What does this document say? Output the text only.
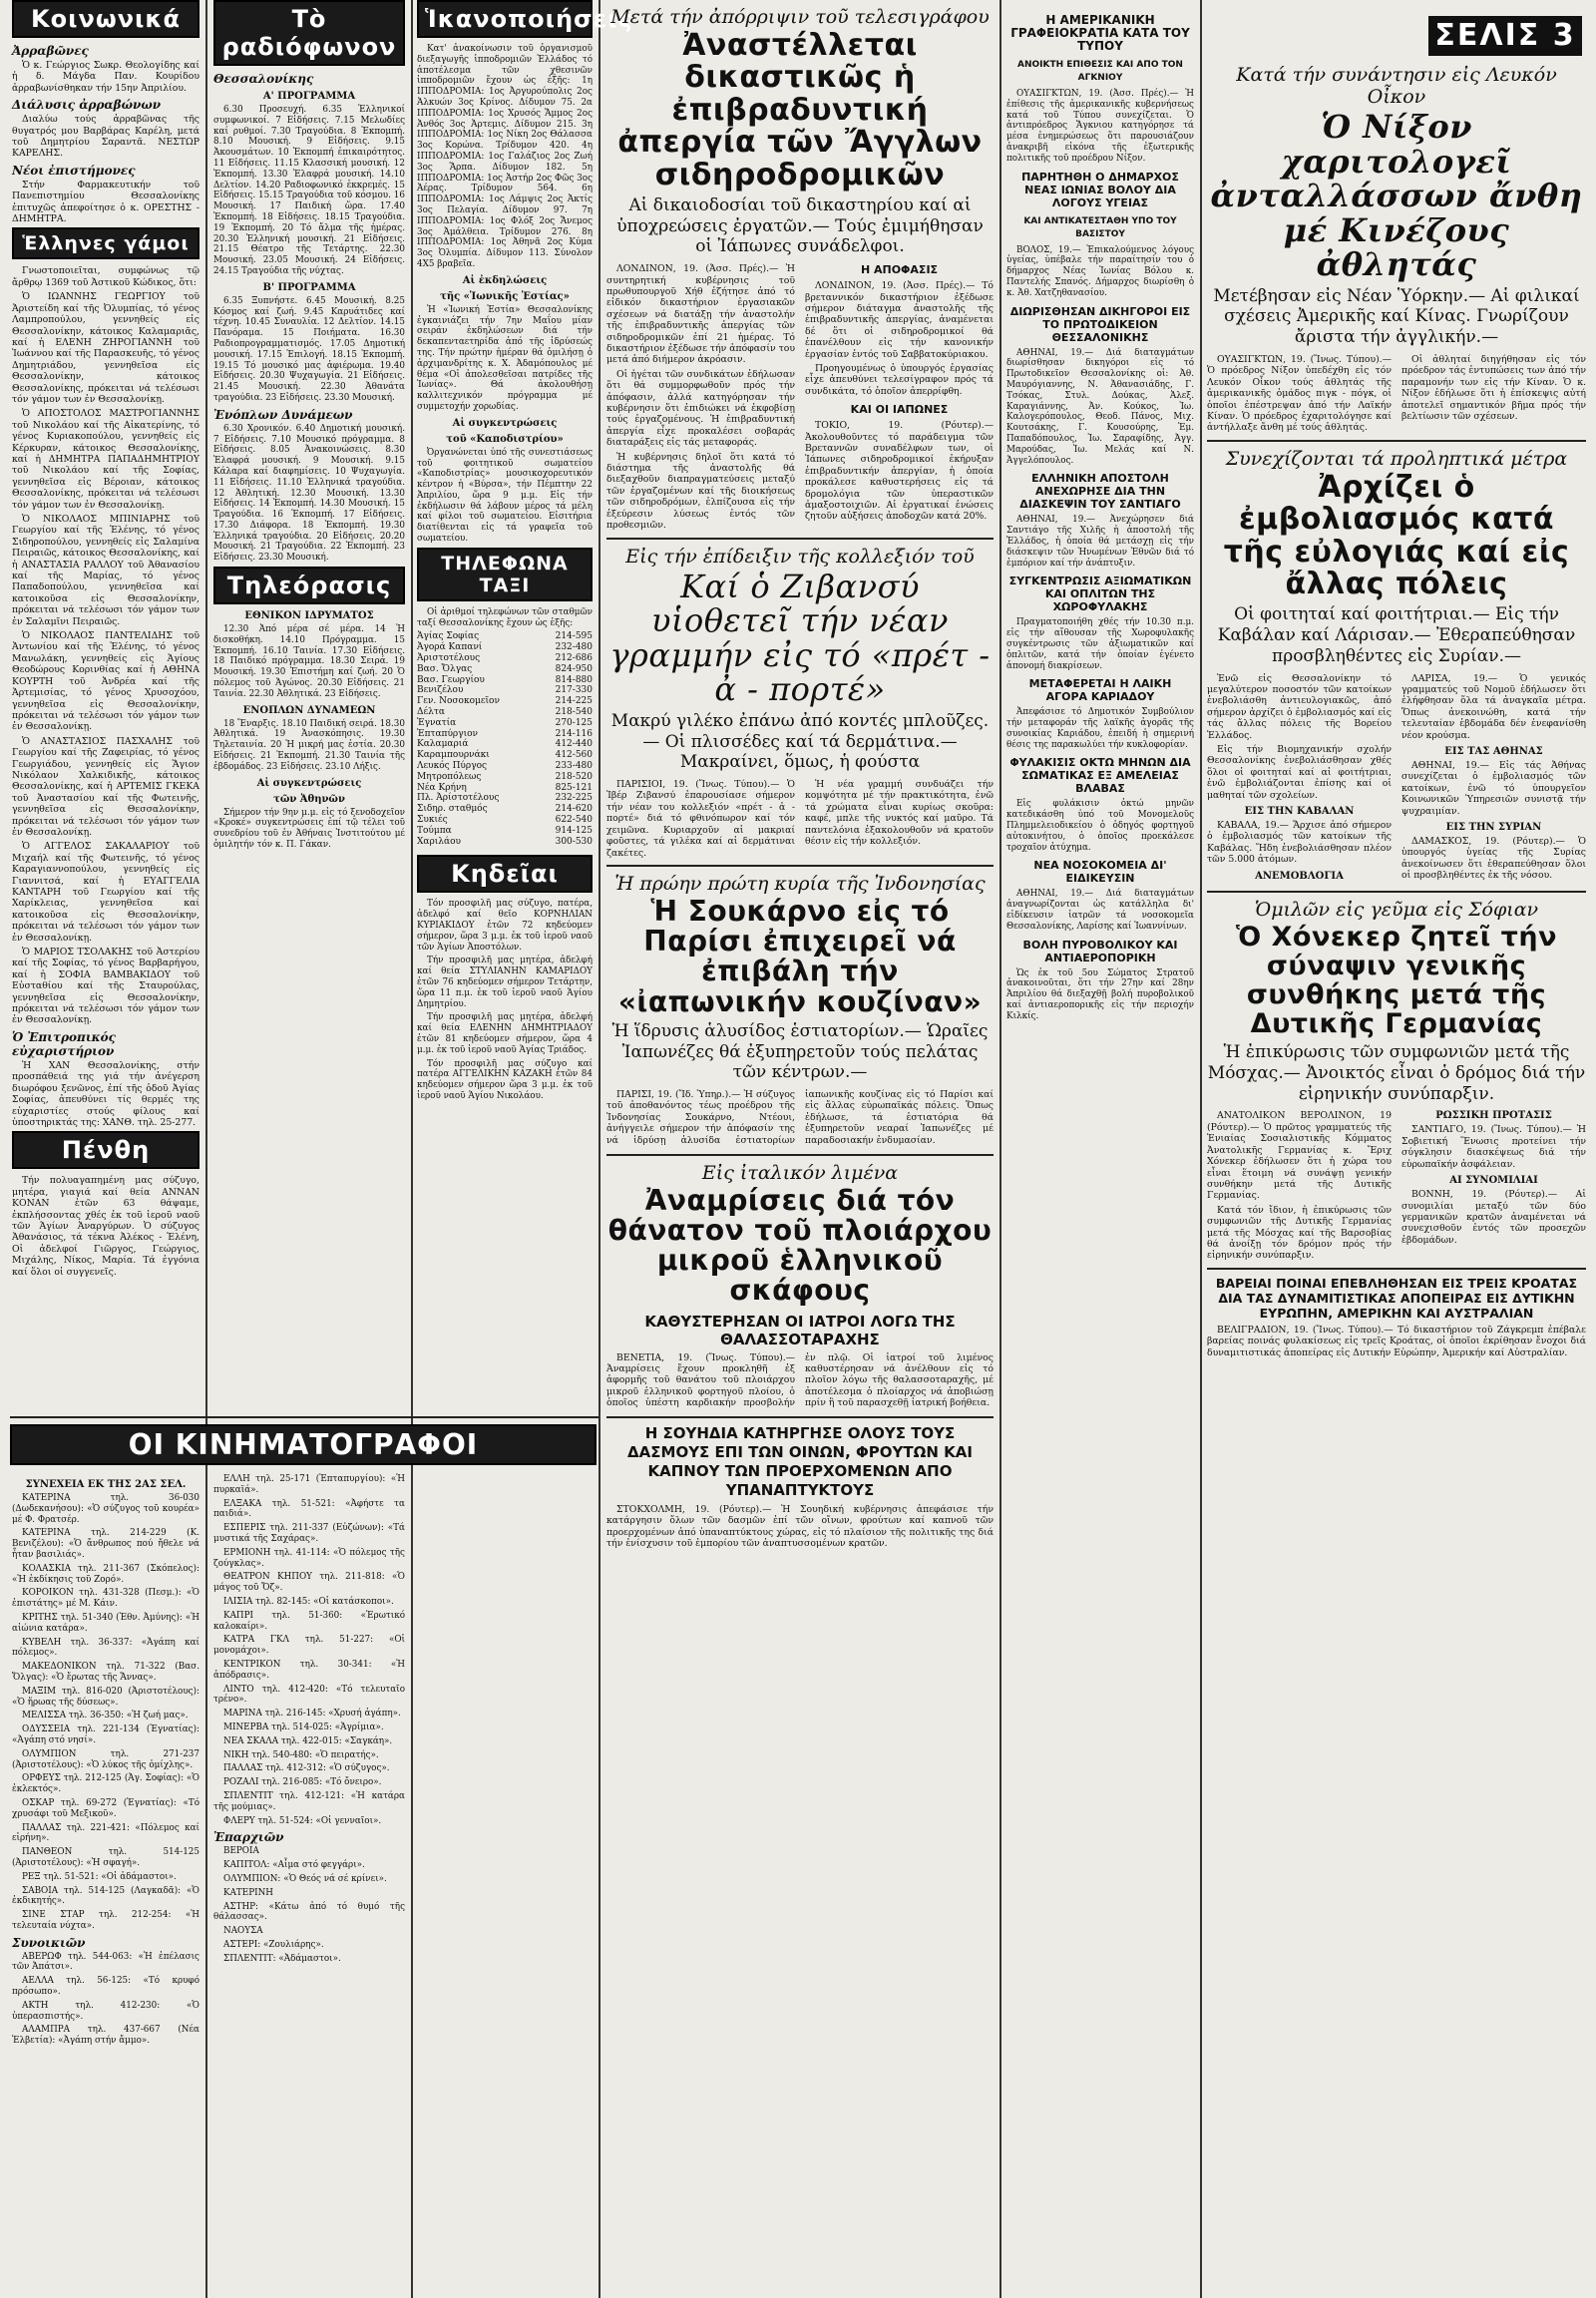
Κοινωνικά
Ἀρραβῶνες

Ὁ κ. Γεώργιος Σωκρ. Θεολογίδης καί ἡ δ. Μάγδα Παν. Κουρίδου ἀρραβωνίσθηκαν τήν 15ην Ἀπριλίου.

Διάλυσις ἀρραβώνων

Διαλύω τούς ἀρραβῶνας τῆς θυγατρός μου Βαρβάρας Καρέλη, μετά τοῦ Δημητρίου Σαραντᾶ. ΝΕΣΤΩΡ ΚΑΡΕΛΗΣ.

Νέοι ἐπιστήμονες

Στήν Φαρμακευτικήν τοῦ Πανεπιστημίου Θεσσαλονίκης ἐπιτυχῶς ἀπεφοίτησε ὁ κ. ΟΡΕΣΤΗΣ - ΔΗΜΗΤΡΑ.

Ἑλληνες γάμοι

Γνωστοποιεῖται, συμφώνως τῷ ἄρθρῳ 1369 τοῦ Ἀστικοῦ Κώδικος, ὅτι:

Ὁ ΙΩΑΝΝΗΣ ΓΕΩΡΓΙΟΥ τοῦ Ἀριστείδη καί τῆς Ὀλυμπίας, τό γένος Λαμπροπούλου, γεννηθείς εἰς Θεσσαλονίκην, κάτοικος Καλαμαριᾶς, καί ἡ ΕΛΕΝΗ ΖΗΡΟΓΙΑΝΝΗ τοῦ Ἰωάννου καί τῆς Παρασκευῆς, τό γένος Δημητριάδου, γεννηθεῖσα εἰς Θεσσαλονίκην, κάτοικος Θεσσαλονίκης, πρόκειται νά τελέσωσι τόν γάμον των ἐν Θεσσαλονίκῃ.

Ὁ ΑΠΟΣΤΟΛΟΣ ΜΑΣΤΡΟΓΙΑΝΝΗΣ τοῦ Νικολάου καί τῆς Αἰκατερίνης, τό γένος Κυριακοπούλου, γεννηθείς εἰς Κέρκυραν, κάτοικος Θεσσαλονίκης, καί ἡ ΔΗΜΗΤΡΑ ΠΑΠΑΔΗΜΗΤΡΙΟΥ τοῦ Νικολάου καί τῆς Σοφίας, γεννηθεῖσα εἰς Βέροιαν, κάτοικος Θεσσαλονίκης, πρόκειται νά τελέσωσι τόν γάμον των ἐν Θεσσαλονίκῃ.

Ὁ ΝΙΚΟΛΑΟΣ ΜΠΙΝΙΑΡΗΣ τοῦ Γεωργίου καί τῆς Ἑλένης, τό γένος Σιδηροπούλου, γεννηθείς εἰς Σαλαμίνα Πειραιῶς, κάτοικος Θεσσαλονίκης, καί ἡ ΑΝΑΣΤΑΣΙΑ ΡΑΛΛΟΥ τοῦ Ἀθανασίου καί τῆς Μαρίας, τό γένος Παπαδοπούλου, γεννηθεῖσα καί κατοικοῦσα εἰς Θεσσαλονίκην, πρόκειται νά τελέσωσι τόν γάμον των ἐν Σαλαμῖνι Πειραιῶς.

Ὁ ΝΙΚΟΛΑΟΣ ΠΑΝΤΕΛΙΔΗΣ τοῦ Ἀντωνίου καί τῆς Ἑλένης, τό γένος Μανωλάκη, γεννηθείς εἰς Ἁγίους Θεοδώρους Κορινθίας καί ἡ ΑΘΗΝΑ ΚΟΥΡΤΗ τοῦ Ἀνδρέα καί τῆς Ἀρτεμισίας, τό γένος Χρυσοχόου, γεννηθεῖσα εἰς Θεσσαλονίκην, πρόκειται νά τελέσωσι τόν γάμον των ἐν Θεσσαλονίκῃ.

Ὁ ΑΝΑΣΤΑΣΙΟΣ ΠΑΣΧΑΛΗΣ τοῦ Γεωργίου καί τῆς Ζαφειρίας, τό γένος Γεωργιάδου, γεννηθείς εἰς Ἅγιον Νικόλαον Χαλκιδικῆς, κάτοικος Θεσσαλονίκης, καί ἡ ΑΡΤΕΜΙΣ ΓΚΕΚΑ τοῦ Ἀναστασίου καί τῆς Φωτεινῆς, γεννηθεῖσα εἰς Θεσσαλονίκην, πρόκειται νά τελέσωσι τόν γάμον των ἐν Θεσσαλονίκῃ.

Ὁ ΑΓΓΕΛΟΣ ΣΑΚΑΛΑΡΙΟΥ τοῦ Μιχαήλ καί τῆς Φωτεινῆς, τό γένος Καραγιαννοπούλου, γεννηθείς εἰς Γιαννιτσά, καί ἡ ΕΥΑΓΓΕΛΙΑ ΚΑΝΤΑΡΗ τοῦ Γεωργίου καί τῆς Χαρίκλειας, γεννηθεῖσα καί κατοικοῦσα εἰς Θεσσαλονίκην, πρόκειται νά τελέσωσι τόν γάμον των ἐν Θεσσαλονίκῃ.

Ὁ ΜΑΡΙΟΣ ΤΣΟΛΑΚΗΣ τοῦ Ἀστερίου καί τῆς Σοφίας, τό γένος Βαρβαρήγου, καί ἡ ΣΟΦΙΑ ΒΑΜΒΑΚΙΔΟΥ τοῦ Εὐσταθίου καί τῆς Σταυρούλας, γεννηθεῖσα εἰς Θεσσαλονίκην, πρόκειται νά τελέσωσι τόν γάμον των ἐν Θεσσαλονίκῃ.

Ὁ Ἐπιτροπικός εὐχαριστήριον

Ἡ ΧΑΝ Θεσσαλονίκης, στήν προσπάθειά της γιά τήν ἀνέγερση διωρόφου ξενῶνος, ἐπί τῆς ὁδοῦ Ἀγίας Σοφίας, ἀπευθύνει τίς θερμές της εὐχαριστίες στούς φίλους καί ὑποστηρικτάς της: ΧΑΝΘ. τηλ. 25-277.

Πένθη

Τήν πολυαγαπημένη μας σύζυγο, μητέρα, γιαγιά καί θεία ΑΝΝΑΝ ΚΟΝΑΝ ἐτῶν 63 θάψαμε, ἐκπλήσσοντας χθές ἐκ τοῦ ἱεροῦ ναοῦ τῶν Ἁγίων Ἀναργύρων. Ὁ σύζυγος Ἀθανάσιος, τά τέκνα Ἀλέκος - Ἑλένη, Οἱ ἀδελφοί Γιῶργος, Γεώργιος, Μιχάλης, Νίκος, Μαρία. Τά ἐγγόνια καί ὅλοι οἱ συγγενεῖς.

Τὸ ραδιόφωνον
Θεσσαλονίκης
Α' ΠΡΟΓΡΑΜΜΑ

6.30 Προσευχή. 6.35 Ἑλληνικοί συμφωνικοί. 7 Εἰδήσεις. 7.15 Μελωδίες καί ρυθμοί. 7.30 Τραγούδια. 8 Ἐκπομπή. 8.10 Μουσική. 9 Εἰδήσεις. 9.15 Ἀκουσμάτων. 10 Ἐκπομπή ἐπικαιρότητος. 11 Εἰδήσεις. 11.15 Κλασσική μουσική. 12 Ἐκπομπή. 13.30 Ἐλαφρά μουσική. 14.10 Δελτίον. 14.20 Ραδιοφωνικό ἐκκρεμές. 15 Εἰδήσεις. 15.15 Τραγούδια τοῦ κόσμου. 16 Μουσική. 17 Παιδική ὥρα. 17.40 Ἐκπομπή. 18 Εἰδήσεις. 18.15 Τραγούδια. 19 Ἐκπομπή. 20 Τό ἄλμα τῆς ἡμέρας. 20.30 Ἑλληνική μουσική. 21 Εἰδήσεις. 21.15 Θέατρο τῆς Τετάρτης. 22.30 Μουσική. 23.05 Μουσική. 24 Εἰδήσεις. 24.15 Τραγούδια τῆς νύχτας.

Β' ΠΡΟΓΡΑΜΜΑ

6.35 Ξυπνήστε. 6.45 Μουσική. 8.25 Κόσμος καί ζωή. 9.45 Καρυάτιδες καί τέχνη. 10.45 Συναυλία. 12 Δελτίον. 14.15 Πανόραμα. 15 Ποιήματα. 16.30 Ραδιοπρογραμματισμός. 17.05 Δημοτική μουσική. 17.15 Ἐπιλογή. 18.15 Ἐκπομπή. 19.15 Τό μουσικό μας ἀφιέρωμα. 19.40 Εἰδήσεις. 20.30 Ψυχαγωγία. 21 Εἰδήσεις. 21.45 Μουσική. 22.30 Ἀθανάτα τραγούδια. 23 Εἰδήσεις. 23.30 Μουσική.

Ἐνόπλων Δυνάμεων

6.30 Χρονικόν. 6.40 Δημοτική μουσική. 7 Εἰδήσεις. 7.10 Μουσικό πρόγραμμα. 8 Εἰδήσεις. 8.05 Ἀνακοινώσεις. 8.30 Ἐλαφρά μουσική. 9 Μουσική. 9.15 Κάλαρα καί διαφημίσεις. 10 Ψυχαγωγία. 11 Εἰδήσεις. 11.10 Ἑλληνικά τραγούδια. 12 Ἀθλητική. 12.30 Μουσική. 13.30 Εἰδήσεις. 14 Ἐκπομπή. 14.30 Μουσική. 15 Τραγούδια. 16 Ἐκπομπή. 17 Εἰδήσεις. 17.30 Διάφορα. 18 Ἐκπομπή. 19.30 Ἑλληνικά τραγούδια. 20 Εἰδήσεις. 20.20 Μουσική. 21 Τραγούδια. 22 Ἐκπομπή. 23 Εἰδήσεις. 23.30 Μουσική.

Τηλεόρασις
ΕΘΝΙΚΟΝ ΙΔΡΥΜΑΤΟΣ

12.30 Ἀπό μέρα σέ μέρα. 14 Ἡ δισκοθήκη. 14.10 Πρόγραμμα. 15 Ἐκπομπή. 16.10 Ταινία. 17.30 Εἰδήσεις. 18 Παιδικό πρόγραμμα. 18.30 Σειρά. 19 Μουσική. 19.30 Ἐπιστήμη καί ζωή. 20 Ὁ πόλεμος τοῦ Ἀγώνος. 20.30 Εἰδήσεις. 21 Ταινία. 22.30 Ἀθλητικά. 23 Εἰδήσεις.

ΕΝΟΠΛΩΝ ΔΥΝΑΜΕΩΝ

18 Ἔναρξις. 18.10 Παιδική σειρά. 18.30 Ἀθλητικά. 19 Ἀνασκόπησις. 19.30 Τηλεταινία. 20 Ἡ μικρή μας ἑστία. 20.30 Εἰδήσεις. 21 Ἐκπομπή. 21.30 Ταινία τῆς ἑβδομάδος. 23 Εἰδήσεις. 23.10 Λήξις.

Αἱ συγκεντρώσεις
τῶν Ἀθηνῶν

Σήμερον τήν 9ην μ.μ. εἰς τό ξενοδοχεῖον «Κροκέ» συγκεντρώσεις ἐπί τῷ τέλει τοῦ συνεδρίου τοῦ ἐν Ἀθήναις Ἰνστιτούτου μέ ὁμιλητήν τόν κ. Π. Γάκαν.

Ἱκανοποιήσεις

Κατ' ἀνακοίνωσιν τοῦ ὀργανισμοῦ διεξαγωγῆς ἱπποδρομιῶν Ἑλλάδος τό ἀποτέλεσμα τῶν χθεσινῶν ἱπποδρομιῶν ἔχουν ὡς ἑξῆς: 1η ΙΠΠΟΔΡΟΜΙΑ: 1ος Ἀργυρούπολις 2ος Ἀλκυών 3ος Κρίνος. Δίδυμον 75. 2α ΙΠΠΟΔΡΟΜΙΑ: 1ος Χρυσός Ἄμμος 2ος Ἀνθός 3ος Ἀρτεμις. Δίδυμον 215. 3η ΙΠΠΟΔΡΟΜΙΑ: 1ος Νίκη 2ος Θάλασσα 3ος Κορώνα. Τρίδυμον 420. 4η ΙΠΠΟΔΡΟΜΙΑ: 1ος Γαλάζιος 2ος Ζωή 3ος Ἅρπα. Δίδυμον 182. 5η ΙΠΠΟΔΡΟΜΙΑ: 1ος Ἀστήρ 2ος Φῶς 3ος Ἀέρας. Τρίδυμον 564. 6η ΙΠΠΟΔΡΟΜΙΑ: 1ος Λάμψις 2ος Ἀκτίς 3ος Πελαγία. Δίδυμον 97. 7η ΙΠΠΟΔΡΟΜΙΑ: 1ος Φλόξ 2ος Ἄνεμος 3ος Ἀμάλθεια. Τρίδυμον 276. 8η ΙΠΠΟΔΡΟΜΙΑ: 1ος Ἀθηνᾶ 2ος Κύμα 3ος Ὀλυμπία. Δίδυμον 113. Σύνολον 4Χ5 βραβεῖα.

Αἱ ἐκδηλώσεις
τῆς «Ἰωνικῆς Ἑστίας»

Ἡ «Ἰωνική Ἑστία» Θεσσαλονίκης ἐγκαινιάζει τήν 7ην Μαΐου μίαν σειράν ἐκδηλώσεων διά τήν δεκαπενταετηρίδα ἀπό τῆς ἱδρύσεώς της. Τήν πρώτην ἡμέραν θά ὁμιλήσῃ ὁ ἀρχιμανδρίτης κ. Χ. Ἀδαμόπουλος μέ θέμα «Οἱ ἀπολεσθεῖσαι πατρίδες τῆς Ἰωνίας». Θά ἀκολουθήσῃ καλλιτεχνικόν πρόγραμμα μέ συμμετοχήν χορωδίας.

Αἱ συγκεντρώσεις
τοῦ «Καποδιστρίου»

Ὀργανώνεται ὑπό τῆς συνεστιάσεως τοῦ φοιτητικοῦ σωματείου «Καποδιστρίας» μουσικοχορευτικόν κέντρον ἡ «Βύρσα», τήν Πέμπτην 22 Ἀπριλίου, ὥρα 9 μ.μ. Εἰς τήν ἐκδήλωσιν θά λάβουν μέρος τά μέλη καί φίλοι τοῦ σωματείου. Εἰσιτήρια διατίθενται εἰς τά γραφεῖα τοῦ σωματείου.

ΤΗΛΕΦΩΝΑ ΤΑΞΙ

Οἱ ἀριθμοί τηλεφώνων τῶν σταθμῶν ταξί Θεσσαλονίκης ἔχουν ὡς ἑξῆς:

Ἁγίας Σοφίας	214-595
Ἀγορά Καπανί	232-480
Ἀριστοτέλους	212-686
Βασ. Ὄλγας	824-950
Βασ. Γεωργίου	814-880
Βενιζέλου	217-330
Γεν. Νοσοκομεῖον	214-225
Δέλτα	218-540
Ἐγνατία	270-125
Ἑπταπύργιον	214-116
Καλαμαριά	412-440
Καραμπουρνάκι	412-560
Λευκός Πύργος	233-480
Μητροπόλεως	218-520
Νέα Κρήνη	825-121
Πλ. Ἀρίστοτέλους	232-225
Σιδηρ. σταθμός	214-620
Συκιές	622-540
Τούμπα	914-125
Χαριλάου	300-530
Κηδεῖαι

Τόν προσφιλῆ μας σύζυγο, πατέρα, ἀδελφό καί θεῖο ΚΟΡΝΗΛΙΑΝ ΚΥΡΙΑΚΙΔΟΥ ἐτῶν 72 κηδεύομεν σήμερον, ὥρα 3 μ.μ. ἐκ τοῦ ἱεροῦ ναοῦ τῶν Ἁγίων Ἀποστόλων.

Τήν προσφιλῆ μας μητέρα, ἀδελφή καί θεία ΣΤΥΛΙΑΝΗΝ ΚΑΜΑΡΙΔΟΥ ἐτῶν 76 κηδεύομεν σήμερον Τετάρτην, ὥρα 11 π.μ. ἐκ τοῦ ἱεροῦ ναοῦ Ἁγίου Δημητρίου.

Τήν προσφιλῆ μας μητέρα, ἀδελφή καί θεία ΕΛΕΝΗΝ ΔΗΜΗΤΡΙΑΔΟΥ ἐτῶν 81 κηδεύομεν σήμερον, ὥρα 4 μ.μ. ἐκ τοῦ ἱεροῦ ναοῦ Ἁγίας Τριάδος.

Τόν προσφιλῆ μας σύζυγο καί πατέρα ΑΓΓΕΛΙΚΗΝ ΚΑΖΑΚΗ ἐτῶν 84 κηδεύομεν σήμερον ὥρα 3 μ.μ. ἐκ τοῦ ἱεροῦ ναοῦ Ἁγίου Νικολάου.

ΟΙ ΚΙΝΗΜΑΤΟΓΡΑΦΟΙ
ΣΥΝΕΧΕΙΑ ΕΚ ΤΗΣ 2ΑΣ ΣΕΛ.

ΚΑΤΕΡΙΝΑ τηλ. 36-030 (Δωδεκανήσου): «Ὁ σύζυγος τοῦ κουρέα» μέ Φ. Φρατσέρ.

ΚΑΤΕΡΙΝΑ τηλ. 214-229 (Κ. Βενιζέλου): «Ὁ ἄνθρωπος πού ἤθελε νά ἦταν βασιλιάς».

ΚΟΛΑΣΚΙΑ τηλ. 211-367 (Σκόπελος): «Ἡ ἐκδίκησις τοῦ Ζορό».

ΚΟΡΟΙΚΟΝ τηλ. 431-328 (Πεσμ.): «Ὁ ἐπιστάτης» μέ Μ. Κάιν.

ΚΡΙΤΗΣ τηλ. 51-340 (Ἐθν. Ἀμύνης): «Ἡ αἰώνια κατάρα».

ΚΥΒΕΛΗ τηλ. 36-337: «Ἀγάπη καί πόλεμος».

ΜΑΚΕΔΟΝΙΚΟΝ τηλ. 71-322 (Βασ. Ὄλγας): «Ὁ ἔρωτας τῆς Ἄννας».

ΜΑΞΙΜ τηλ. 816-020 (Ἀριστοτέλους): «Ὁ ἥρωας τῆς δύσεως».

ΜΕΛΙΣΣΑ τηλ. 36-350: «Ἡ ζωή μας».

ΟΔΥΣΣΕΙΑ τηλ. 221-134 (Ἐγνατίας): «Ἀγάπη στό νησί».

ΟΛΥΜΠΙΟΝ τηλ. 271-237 (Ἀριστοτέλους): «Ὁ λύκος τῆς ὁμίχλης».

ΟΡΦΕΥΣ τηλ. 212-125 (Ἀγ. Σοφίας): «Ὁ ἐκλεκτός».

ΟΣΚΑΡ τηλ. 69-272 (Ἐγνατίας): «Τό χρυσάφι τοῦ Μεξικοῦ».

ΠΑΛΛΑΣ τηλ. 221-421: «Πόλεμος καί εἰρήνη».

ΠΑΝΘΕΟΝ τηλ. 514-125 (Ἀριστοτέλους): «Ἡ σφαγή».

ΡΕΞ τηλ. 51-521: «Οἱ ἀδάμαστοι».

ΣΑΒΟΙΑ τηλ. 514-125 (Λαγκαδᾶ): «Ὁ ἐκδικητής».

ΣΙΝΕ ΣΤΑΡ τηλ. 212-254: «Ἡ τελευταία νύχτα».

Συνοικιῶν

ΑΒΕΡΩΦ τηλ. 544-063: «Ἡ ἐπέλασις τῶν Ἀπάτσι».

ΑΕΛΛΑ τηλ. 56-125: «Τό κρυφό πρόσωπο».

ΑΚΤΗ τηλ. 412-230: «Ὁ ὑπερασπιστής».

ΑΛΑΜΠΡΑ τηλ. 437-667 (Νέα Ἐλβετία): «Ἀγάπη στήν ἄμμο».

ΕΛΛΗ τηλ. 25-171 (Ἐπταπυργίου): «Ἡ πυρκαϊά».

ΕΛΞΑΚΑ τηλ. 51-521: «Ἀφήστε τα παιδιά».

ΕΣΠΕΡΙΣ τηλ. 211-337 (Εὐζώνων): «Τά μυστικά τῆς Σαχάρας».

ΕΡΜΙΟΝΗ τηλ. 41-114: «Ὁ πόλεμος τῆς ζούγκλας».

ΘΕΑΤΡΟΝ ΚΗΠΟΥ τηλ. 211-818: «Ὁ μάγος τοῦ Ὄζ».

ΙΛΙΣΙΑ τηλ. 82-145: «Οἱ κατάσκοποι».

ΚΑΠΡΙ τηλ. 51-360: «Ἐρωτικό καλοκαίρι».

ΚΑΤΡΑ ΓΚΛ τηλ. 51-227: «Οἱ μονομάχοι».

ΚΕΝΤΡΙΚΟΝ τηλ. 30-341: «Ἡ ἀπόδρασις».

ΛΙΝΤΟ τηλ. 412-420: «Τό τελευταῖο τρένο».

ΜΑΡΙΝΑ τηλ. 216-145: «Χρυσή ἀγάπη».

ΜΙΝΕΡΒΑ τηλ. 514-025: «Ἀγρίμια».

ΝΕΑ ΣΚΑΛΑ τηλ. 422-015: «Σαγκάη».

ΝΙΚΗ τηλ. 540-480: «Ὁ πειρατής».

ΠΑΛΛΑΣ τηλ. 412-312: «Ὁ σύζυγος».

ΡΟΖΑΛΙ τηλ. 216-085: «Τό ὄνειρο».

ΣΠΛΕΝΤΙΤ τηλ. 412-121: «Ἡ κατάρα τῆς μούμιας».

ΦΛΕΡΥ τηλ. 51-524: «Οἱ γενναῖοι».

Ἐπαρχιῶν

ΒΕΡΟΙΑ

ΚΑΠΙΤΟΛ: «Αἷμα στό φεγγάρι».

ΟΛΥΜΠΙΟΝ: «Ὁ Θεός νά σέ κρίνει».

ΚΑΤΕΡΙΝΗ

ΑΣΤΗΡ: «Κάτω ἀπό τό θυμό τῆς θάλασσας».

ΝΑΟΥΣΑ

ΑΣΤΕΡΙ: «Ζουλιάρης».

ΣΠΛΕΝΤΙΤ: «Ἀδάμαστοι».

Μετά τήν ἀπόρριψιν τοῦ τελεσιγράφου
Ἀναστέλλεται δικαστικῶς ἡ ἐπιβραδυντική ἀπεργία τῶν Ἄγγλων σιδηροδρομικῶν
Αἱ δικαιοδοσίαι τοῦ δικαστηρίου καί αἱ ὑποχρεώσεις ἐργατῶν.— Τούς ἐμιμήθησαν οἱ Ἰάπωνες συνάδελφοι.

ΛΟΝΔΙΝΟΝ, 19. (Ἀσσ. Πρές).— Ἡ συντηρητική κυβέρνησις τοῦ πρωθυπουργοῦ Χήθ ἐζήτησε ἀπό τό εἰδικόν δικαστήριον ἐργασιακῶν σχέσεων νά διατάξῃ τήν ἀναστολήν τῆς ἐπιβραδυντικῆς ἀπεργίας τῶν σιδηροδρομικῶν ἐπί 21 ἡμέρας. Τό δικαστήριον ἐξέδωσε τήν ἀπόφασίν του μετά ἀπό διήμερον ἀκρόασιν.

Οἱ ἡγέται τῶν συνδικάτων ἐδήλωσαν ὅτι θά συμμορφωθοῦν πρός τήν ἀπόφασιν, ἀλλά κατηγόρησαν τήν κυβέρνησιν ὅτι ἐπιδιώκει νά ἐκφοβίσῃ τούς ἐργαζομένους. Ἡ ἐπιβραδυντική ἀπεργία εἶχε προκαλέσει σοβαράς διαταράξεις εἰς τάς μεταφοράς.

Ἡ κυβέρνησις δηλοῖ ὅτι κατά τό διάστημα τῆς ἀναστολῆς θά διεξαχθοῦν διαπραγματεύσεις μεταξύ τῶν ἐργαζομένων καί τῆς διοικήσεως τῶν σιδηροδρόμων, ἐλπίζουσα εἰς τήν ἐξεύρεσιν λύσεως ἐντός τῶν προθεσμιῶν.

Η ΑΠΟΦΑΣΙΣ

ΛΟΝΔΙΝΟΝ, 19. (Ἀσσ. Πρές).— Τό βρεταννικόν δικαστήριον ἐξέδωσε σήμερον διάταγμα ἀναστολῆς τῆς ἐπιβραδυντικῆς ἀπεργίας, ἀναμένεται δέ ὅτι οἱ σιδηροδρομικοί θά ἐπανέλθουν εἰς τήν κανονικήν ἐργασίαν ἐντός τοῦ Σαββατοκύριακου.

Προηγουμένως ὁ ὑπουργός ἐργασίας εἶχε ἀπευθύνει τελεσίγραφον πρός τά συνδικάτα, τό ὁποῖον ἀπερρίφθη.

ΚΑΙ ΟΙ ΙΑΠΩΝΕΣ

ΤΟΚΙΟ, 19. (Ρόυτερ).— Ἀκολουθοῦντες τό παράδειγμα τῶν Βρεταννῶν συναδέλφων των, οἱ Ἰάπωνες σιδηροδρομικοί ἐκήρυξαν ἐπιβραδυντικήν ἀπεργίαν, ἡ ὁποία προκάλεσε καθυστερήσεις εἰς τά δρομολόγια τῶν ὑπεραστικῶν ἀμαξοστοιχιῶν. Αἱ ἐργατικαί ἑνώσεις ζητοῦν αὐξήσεις ἀποδοχῶν κατά 20%.

Εἰς τήν ἐπίδειξιν τῆς κολλεξιόν τοῦ
Καί ὁ Ζιβανσύ υἱοθετεῖ τήν νέαν γραμμήν εἰς τό «πρέτ - ἀ - πορτέ»
Μακρύ γιλέκο ἐπάνω ἀπό κοντές μπλοῦζες.— Οἱ πλισσέδες καί τά δερμάτινα.— Μακραίνει, ὅμως, ἡ φούστα

ΠΑΡΙΣΙΟΙ, 19. (Ἴνως. Τύπου).— Ὁ Ἰβέρ Ζιβανσύ ἐπαρουσίασε σήμερον τήν νέαν του κολλεξιόν «πρέτ - ἀ - πορτέ» διά τό φθινόπωρον καί τόν χειμῶνα. Κυριαρχοῦν αἱ μακριαί φοῦστες, τά γιλέκα καί αἱ δερμάτιναι ζακέτες.

Ἡ νέα γραμμή συνδυάζει τήν κομψότητα μέ τήν πρακτικότητα, ἐνῶ τά χρώματα εἶναι κυρίως σκοῦρα: καφέ, μπλε τῆς νυκτός καί μαῦρο. Τά παντελόνια ἐξακολουθοῦν νά κρατοῦν θέσιν εἰς τήν κολλεξιόν.

Ἡ πρώην πρώτη κυρία τῆς Ἰνδονησίας
Ἡ Σουκάρνο εἰς τό Παρίσι ἐπιχειρεῖ νά ἐπιβάλη τήν «ἰαπωνικήν κουζίναν»
Ἡ ἵδρυσις ἁλυσίδος ἑστιατορίων.— Ὡραῖες Ἰαπωνέζες θά ἐξυπηρετοῦν τούς πελάτας τῶν κέντρων.—

ΠΑΡΙΣΙ, 19. (Ἴδ. Ὑπηρ.).— Ἡ σύζυγος τοῦ ἀποθανόντος τέως προέδρου τῆς Ἰνδονησίας Σουκάρνο, Ντέουι, ἀνήγγειλε σήμερον τήν ἀπόφασίν της νά ἱδρύσῃ ἁλυσίδα ἑστιατορίων ἰαπωνικῆς κουζίνας εἰς τό Παρίσι καί εἰς ἄλλας εὐρωπαϊκάς πόλεις. Ὅπως ἐδήλωσε, τά ἑστιατόρια θά ἐξυπηρετοῦν νεαραί Ἰαπωνέζες μέ παραδοσιακήν ἐνδυμασίαν.

Εἰς ἰταλικόν λιμένα
Ἀναμρίσεις διά τόν θάνατον τοῦ πλοιάρχου μικροῦ ἑλληνικοῦ σκάφους
ΚΑΘΥΣΤΕΡΗΣΑΝ ΟΙ ΙΑΤΡΟΙ ΛΟΓΩ ΤΗΣ ΘΑΛΑΣΣΟΤΑΡΑΧΗΣ

ΒΕΝΕΤΙΑ, 19. (Ἴνως. Τύπου).— Ἀναμρίσεις ἔχουν προκληθῆ ἐξ ἀφορμῆς τοῦ θανάτου τοῦ πλοιάρχου μικροῦ ἑλληνικοῦ φορτηγοῦ πλοίου, ὁ ὁποῖος ὑπέστη καρδιακήν προσβολήν ἐν πλῷ. Οἱ ἰατροί τοῦ λιμένος καθυστέρησαν νά ἀνέλθουν εἰς τό πλοῖον λόγω τῆς θαλασσοταραχῆς, μέ ἀποτέλεσμα ὁ πλοίαρχος νά ἀποβιώσῃ πρίν ἢ τοῦ παρασχεθῇ ἰατρική βοήθεια.

Η ΣΟΥΗΔΙΑ ΚΑΤΗΡΓΗΣΕ ΟΛΟΥΣ ΤΟΥΣ ΔΑΣΜΟΥΣ ΕΠΙ ΤΩΝ ΟΙΝΩΝ, ΦΡΟΥΤΩΝ ΚΑΙ ΚΑΠΝΟΥ ΤΩΝ ΠΡΟΕΡΧΟΜΕΝΩΝ ΑΠΟ ΥΠΑΝΑΠΤΥΚΤΟΥΣ

ΣΤΟΚΧΟΛΜΗ, 19. (Ρόυτερ).— Ἡ Σουηδική κυβέρνησις ἀπεφάσισε τήν κατάργησιν ὅλων τῶν δασμῶν ἐπί τῶν οἴνων, φρούτων καί καπνοῦ τῶν προερχομένων ἀπό ὑπαναπτύκτους χώρας, εἰς τό πλαίσιον τῆς πολιτικῆς της διά τήν ἐνίσχυσιν τοῦ ἐμπορίου τῶν ἀναπτυσσομένων κρατῶν.

Η ΑΜΕΡΙΚΑΝΙΚΗ ΓΡΑΦΕΙΟΚΡΑΤΙΑ ΚΑΤΑ ΤΟΥ ΤΥΠΟΥ
ΑΝΟΙΚΤΗ ΕΠΙΘΕΣΙΣ ΚΑΙ ΑΠΟ ΤΟΝ ΑΓΚΝΙΟΥ

ΟΥΑΣΙΓΚΤΩΝ, 19. (Ἀσσ. Πρές).— Ἡ ἐπίθεσις τῆς ἀμερικανικῆς κυβερνήσεως κατά τοῦ Τύπου συνεχίζεται. Ὁ ἀντιπρόεδρος Ἄγκνιου κατηγόρησε τά μέσα ἐνημερώσεως ὅτι παρουσιάζουν ἀνακριβῆ εἰκόνα τῆς ἐξωτερικῆς πολιτικῆς τοῦ προέδρου Νίξον.

ΠΑΡΗΤΗΘΗ Ο ΔΗΜΑΡΧΟΣ ΝΕΑΣ ΙΩΝΙΑΣ ΒΟΛΟΥ ΔΙΑ ΛΟΓΟΥΣ ΥΓΕΙΑΣ
ΚΑΙ ΑΝΤΙΚΑΤΕΣΤΑΘΗ ΥΠΟ ΤΟΥ ΒΑΣΙΣΤΟΥ

ΒΟΛΟΣ, 19.— Ἐπικαλούμενος λόγους ὑγείας, ὑπέβαλε τήν παραίτησίν του ὁ δήμαρχος Νέας Ἰωνίας Βόλου κ. Παντελής Σπανός. Δήμαρχος διωρίσθη ὁ κ. Ἀθ. Χατζηθανασίου.

ΔΙΩΡΙΣΘΗΣΑΝ ΔΙΚΗΓΟΡΟΙ ΕΙΣ ΤΟ ΠΡΩΤΟΔΙΚΕΙΟΝ ΘΕΣΣΑΛΟΝΙΚΗΣ

ΑΘΗΝΑΙ, 19.— Διά διαταγμάτων διωρίσθησαν δικηγόροι εἰς τό Πρωτοδικεῖον Θεσσαλονίκης οἱ: Ἀθ. Μαυρόγιαννης, Ν. Ἀθανασιάδης, Γ. Τσόκας, Στυλ. Δούκας, Ἀλεξ. Καραγιάννης, Ἀν. Κούκος, Ἰω. Καλογερόπουλος, Θεοδ. Πάνος, Μιχ. Κουτσάκης, Γ. Κουσούρης, Ἐμ. Παπαδόπουλος, Ἰω. Σαραφίδης, Ἀγγ. Μαρούδας, Ἰω. Μελάς καί Ν. Ἀγγελόπουλος.

ΕΛΛΗΝΙΚΗ ΑΠΟΣΤΟΛΗ ΑΝΕΧΩΡΗΣΕ ΔΙΑ ΤΗΝ ΔΙΑΣΚΕΨΙΝ ΤΟΥ ΣΑΝΤΙΑΓΟ

ΑΘΗΝΑΙ, 19.— Ἀνεχώρησεν διά Σαντιάγο τῆς Χιλῆς ἡ ἀποστολή τῆς Ἑλλάδος, ἡ ὁποία θά μετάσχῃ εἰς τήν διάσκεψιν τῶν Ἡνωμένων Ἐθνῶν διά τό ἐμπόριον καί τήν ἀνάπτυξιν.

ΣΥΓΚΕΝΤΡΩΣΙΣ ΑΞΙΩΜΑΤΙΚΩΝ ΚΑΙ ΟΠΛΙΤΩΝ ΤΗΣ ΧΩΡΟΦΥΛΑΚΗΣ

Πραγματοποιήθη χθές τήν 10.30 π.μ. εἰς τήν αἴθουσαν τῆς Χωροφυλακῆς συγκέντρωσις τῶν ἀξιωματικῶν καί ὁπλιτῶν, κατά τήν ὁποίαν ἐγένετο ἀπονομή διακρίσεων.

ΜΕΤΑΦΕΡΕΤΑΙ Η ΛΑΙΚΗ ΑΓΟΡΑ ΚΑΡΙΑΔΟΥ

Ἀπεφάσισε τό Δημοτικόν Συμβούλιον τήν μεταφοράν τῆς λαϊκῆς ἀγορᾶς τῆς συνοικίας Καριάδου, ἐπειδή ἡ σημερινή θέσις της παρακωλύει τήν κυκλοφορίαν.

ΦΥΛΑΚΙΣΙΣ ΟΚΤΩ ΜΗΝΩΝ ΔΙΑ ΣΩΜΑΤΙΚΑΣ ΕΞ ΑΜΕΛΕΙΑΣ ΒΛΑΒΑΣ

Εἰς φυλάκισιν ὀκτώ μηνῶν κατεδικάσθη ὑπό τοῦ Μονομελοῦς Πλημμελειοδικείου ὁ ὁδηγός φορτηγοῦ αὐτοκινήτου, ὁ ὁποῖος προεκάλεσε τροχαῖον ἀτύχημα.

ΝΕΑ ΝΟΣΟΚΟΜΕΙΑ ΔΙ' ΕΙΔΙΚΕΥΣΙΝ

ΑΘΗΝΑΙ, 19.— Διά διαταγμάτων ἀναγνωρίζονται ὡς κατάλληλα δι' εἰδίκευσιν ἰατρῶν τά νοσοκομεῖα Θεσσαλονίκης, Λαρίσης καί Ἰωαννίνων.

ΒΟΛΗ ΠΥΡΟΒΟΛΙΚΟΥ ΚΑΙ ΑΝΤΙΑΕΡΟΠΟΡΙΚΗ

Ὡς ἐκ τοῦ 5ου Σώματος Στρατοῦ ἀνακοινοῦται, ὅτι τήν 27ην καί 28ην Ἀπριλίου θά διεξαχθῇ βολή πυροβολικοῦ καί ἀντιαεροπορικῆς εἰς τήν περιοχήν Κιλκίς.

ΣΕΛΙΣ 3
Κατά τήν συνάντησιν εἰς Λευκόν Οἶκον
Ὁ Νίξον χαριτολογεῖ ἀνταλλάσσων ἄνθη μέ Κινέζους ἀθλητάς
Μετέβησαν εἰς Νέαν Ὑόρκην.— Αἱ φιλικαί σχέσεις Ἀμερικῆς καί Κίνας. Γνωρίζουν ἄριστα τήν ἀγγλικήν.—

ΟΥΑΣΙΓΚΤΩΝ, 19. (Ἴνως. Τύπου).— Ὁ πρόεδρος Νίξον ὑπεδέχθη εἰς τόν Λευκόν Οἶκον τούς ἀθλητάς τῆς ἀμερικανικῆς ὁμάδος πιγκ - πόγκ, οἱ ὁποῖοι ἐπέστρεψαν ἀπό τήν Λαϊκήν Κίναν. Ὁ πρόεδρος ἐχαριτολόγησε καί ἀντήλλαξε ἄνθη μέ τούς ἀθλητάς.

Οἱ ἀθληταί διηγήθησαν εἰς τόν πρόεδρον τάς ἐντυπώσεις των ἀπό τήν παραμονήν των εἰς τήν Κίναν. Ὁ κ. Νίξον ἐδήλωσε ὅτι ἡ ἐπίσκεψις αὐτή ἀποτελεῖ σημαντικόν βῆμα πρός τήν βελτίωσιν τῶν σχέσεων.

Συνεχίζονται τά προληπτικά μέτρα
Ἀρχίζει ὁ ἐμβολιασμός κατά τῆς εὐλογιάς καί εἰς ἄλλας πόλεις
Οἱ φοιτηταί καί φοιτήτριαι.— Εἰς τήν Καβάλαν καί Λάρισαν.— Ἐθεραπεύθησαν προσβληθέντες εἰς Συρίαν.—

Ἐνῶ εἰς Θεσσαλονίκην τό μεγαλύτερον ποσοστόν τῶν κατοίκων ἐνεβολιάσθη ἀντιευλογιακῶς, ἀπό σήμερον ἀρχίζει ὁ ἐμβολιασμός καί εἰς τάς ἄλλας πόλεις τῆς Βορείου Ἑλλάδος.

Εἰς τήν Βιομηχανικήν σχολήν Θεσσαλονίκης ἐνεβολιάσθησαν χθές ὅλοι οἱ φοιτηταί καί αἱ φοιτήτριαι, ἐνῶ ἐμβολιάζονται ἐπίσης καί οἱ μαθηταί τῶν σχολείων.

ΕΙΣ ΤΗΝ ΚΑΒΑΛΑΝ

ΚΑΒΑΛΑ, 19.— Ἄρχισε ἀπό σήμερον ὁ ἐμβολιασμός τῶν κατοίκων τῆς Καβάλας. Ἤδη ἐνεβολιάσθησαν πλέον τῶν 5.000 ἀτόμων.

ΑΝΕΜΟΒΛΟΓΙΑ

ΛΑΡΙΣΑ, 19.— Ὁ γενικός γραμματεύς τοῦ Νομοῦ ἐδήλωσεν ὅτι ἐλήφθησαν ὅλα τά ἀναγκαῖα μέτρα. Ὅπως ἀνεκοινώθη, κατά τήν τελευταίαν ἑβδομάδα δέν ἐνεφανίσθη νέον κρούσμα.

ΕΙΣ ΤΑΣ ΑΘΗΝΑΣ

ΑΘΗΝΑΙ, 19.— Εἰς τάς Ἀθήνας συνεχίζεται ὁ ἐμβολιασμός τῶν κατοίκων, ἐνῶ τό ὑπουργεῖον Κοινωνικῶν Ὑπηρεσιῶν συνιστᾷ τήν ψυχραιμίαν.

ΕΙΣ ΤΗΝ ΣΥΡΙΑΝ

ΔΑΜΑΣΚΟΣ, 19. (Ρόυτερ).— Ὁ ὑπουργός ὑγείας τῆς Συρίας ἀνεκοίνωσεν ὅτι ἐθεραπεύθησαν ὅλοι οἱ προσβληθέντες ἐκ τῆς νόσου.

Ὁμιλῶν εἰς γεῦμα εἰς Σόφιαν
Ὁ Χόνεκερ ζητεῖ τήν σύναψιν γενικῆς συνθήκης μετά τῆς Δυτικῆς Γερμανίας
Ἡ ἐπικύρωσις τῶν συμφωνιῶν μετά τῆς Μόσχας.— Ἀνοικτός εἶναι ὁ δρόμος διά τήν εἰρηνικήν συνύπαρξιν.

ΑΝΑΤΟΛΙΚΟΝ ΒΕΡΟΛΙΝΟΝ, 19 (Ρόυτερ).— Ὁ πρῶτος γραμματεύς τῆς Ἑνιαίας Σοσιαλιστικῆς Κόμματος Ἀνατολικῆς Γερμανίας κ. Ἔριχ Χόνεκερ ἐδήλωσεν ὅτι ἡ χώρα του εἶναι ἕτοιμη νά συνάψῃ γενικήν συνθήκην μετά τῆς Δυτικῆς Γερμανίας.

Κατά τόν ἴδιον, ἡ ἐπικύρωσις τῶν συμφωνιῶν τῆς Δυτικῆς Γερμανίας μετά τῆς Μόσχας καί τῆς Βαρσοβίας θά ἀνοίξῃ τόν δρόμον πρός τήν εἰρηνικήν συνύπαρξιν.

ΡΩΣΣΙΚΗ ΠΡΟΤΑΣΙΣ

ΣΑΝΤΙΑΓΟ, 19. (Ἴνως. Τύπου).— Ἡ Σοβιετική Ἕνωσις προτείνει τήν σύγκλησιν διασκέψεως διά τήν εὐρωπαϊκήν ἀσφάλειαν.

ΑΙ ΣΥΝΟΜΙΛΙΑΙ

ΒΟΝΝΗ, 19. (Ρόυτερ).— Αἱ συνομιλίαι μεταξύ τῶν δύο γερμανικῶν κρατῶν ἀναμένεται νά συνεχισθοῦν ἐντός τῶν προσεχῶν ἑβδομάδων.

ΒΑΡΕΙΑΙ ΠΟΙΝΑΙ ΕΠΕΒΛΗΘΗΣΑΝ ΕΙΣ ΤΡΕΙΣ ΚΡΟΑΤΑΣ ΔΙΑ ΤΑΣ ΔΥΝΑΜΙΤΙΣΤΙΚΑΣ ΑΠΟΠΕΙΡΑΣ ΕΙΣ ΔΥΤΙΚΗΝ ΕΥΡΩΠΗΝ, ΑΜΕΡΙΚΗΝ ΚΑΙ ΑΥΣΤΡΑΛΙΑΝ

ΒΕΛΙΓΡΑΔΙΟΝ, 19. (Ἴνως. Τύπου).— Τό δικαστήριον τοῦ Ζάγκρεμπ ἐπέβαλε βαρείας ποινάς φυλακίσεως εἰς τρεῖς Κροάτας, οἱ ὁποῖοι ἐκρίθησαν ἔνοχοι διά δυναμιτιστικάς ἀποπείρας εἰς Δυτικήν Εὐρώπην, Ἀμερικήν καί Αὐστραλίαν.
